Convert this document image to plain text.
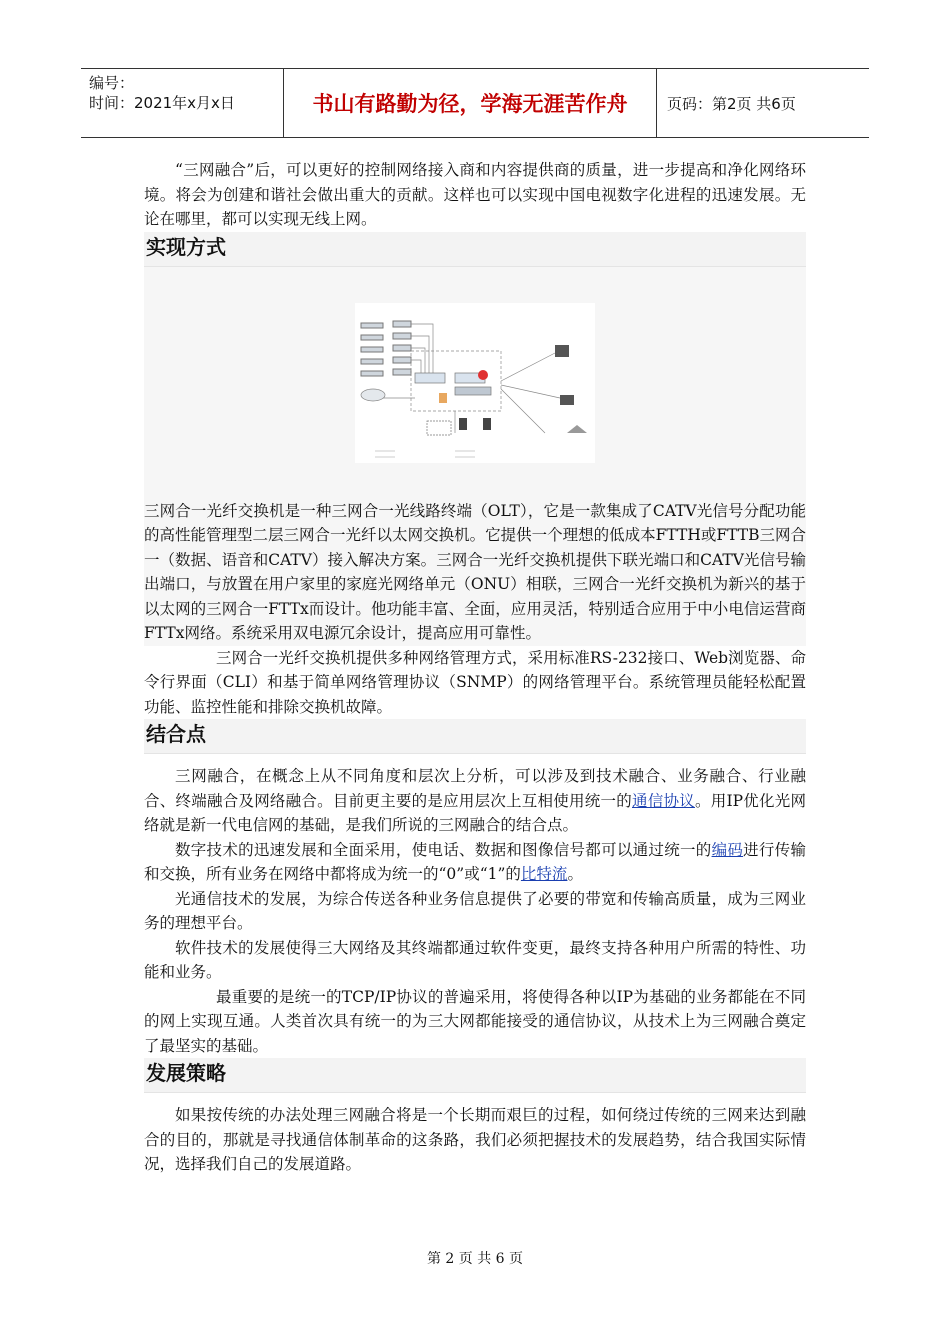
编号：
时间：2021年x月x日	书山有路勤为径，学海无涯苦作舟	页码：第2页 共6页

“三网融合”后，可以更好的控制网络接入商和内容提供商的质量，进一步提高和净化网络环境。将会为创建和谐社会做出重大的贡献。这样也可以实现中国电视数字化进程的迅速发展。无论在哪里，都可以实现无线上网。

实现方式

三网合一光纤交换机是一种三网合一光线路终端（OLT），它是一款集成了CATV光信号分配功能的高性能管理型二层三网合一光纤以太网交换机。它提供一个理想的低成本FTTH或FTTB三网合一（数据、语音和CATV）接入解决方案。三网合一光纤交换机提供下联光端口和CATV光信号输出端口，与放置在用户家里的家庭光网络单元（ONU）相联，三网合一光纤交换机为新兴的基于以太网的三网合一FTTx而设计。他功能丰富、全面，应用灵活，特别适合应用于中小电信运营商FTTx网络。系统采用双电源冗余设计，提高应用可靠性。

三网合一光纤交换机提供多种网络管理方式，采用标准RS-232接口、Web浏览器、命令行界面（CLI）和基于简单网络管理协议（SNMP）的网络管理平台。系统管理员能轻松配置功能、监控性能和排除交换机故障。

结合点

三网融合，在概念上从不同角度和层次上分析，可以涉及到技术融合、业务融合、行业融合、终端融合及网络融合。目前更主要的是应用层次上互相使用统一的通信协议。用IP优化光网络就是新一代电信网的基础，是我们所说的三网融合的结合点。

数字技术的迅速发展和全面采用，使电话、数据和图像信号都可以通过统一的编码进行传输和交换，所有业务在网络中都将成为统一的“0”或“1”的比特流。

光通信技术的发展，为综合传送各种业务信息提供了必要的带宽和传输高质量，成为三网业务的理想平台。

软件技术的发展使得三大网络及其终端都通过软件变更，最终支持各种用户所需的特性、功能和业务。

最重要的是统一的TCP/IP协议的普遍采用，将使得各种以IP为基础的业务都能在不同的网上实现互通。人类首次具有统一的为三大网都能接受的通信协议，从技术上为三网融合奠定了最坚实的基础。

发展策略

如果按传统的办法处理三网融合将是一个长期而艰巨的过程，如何绕过传统的三网来达到融合的目的，那就是寻找通信体制革命的这条路，我们必须把握技术的发展趋势，结合我国实际情况，选择我们自己的发展道路。

第 2 页 共 6 页
